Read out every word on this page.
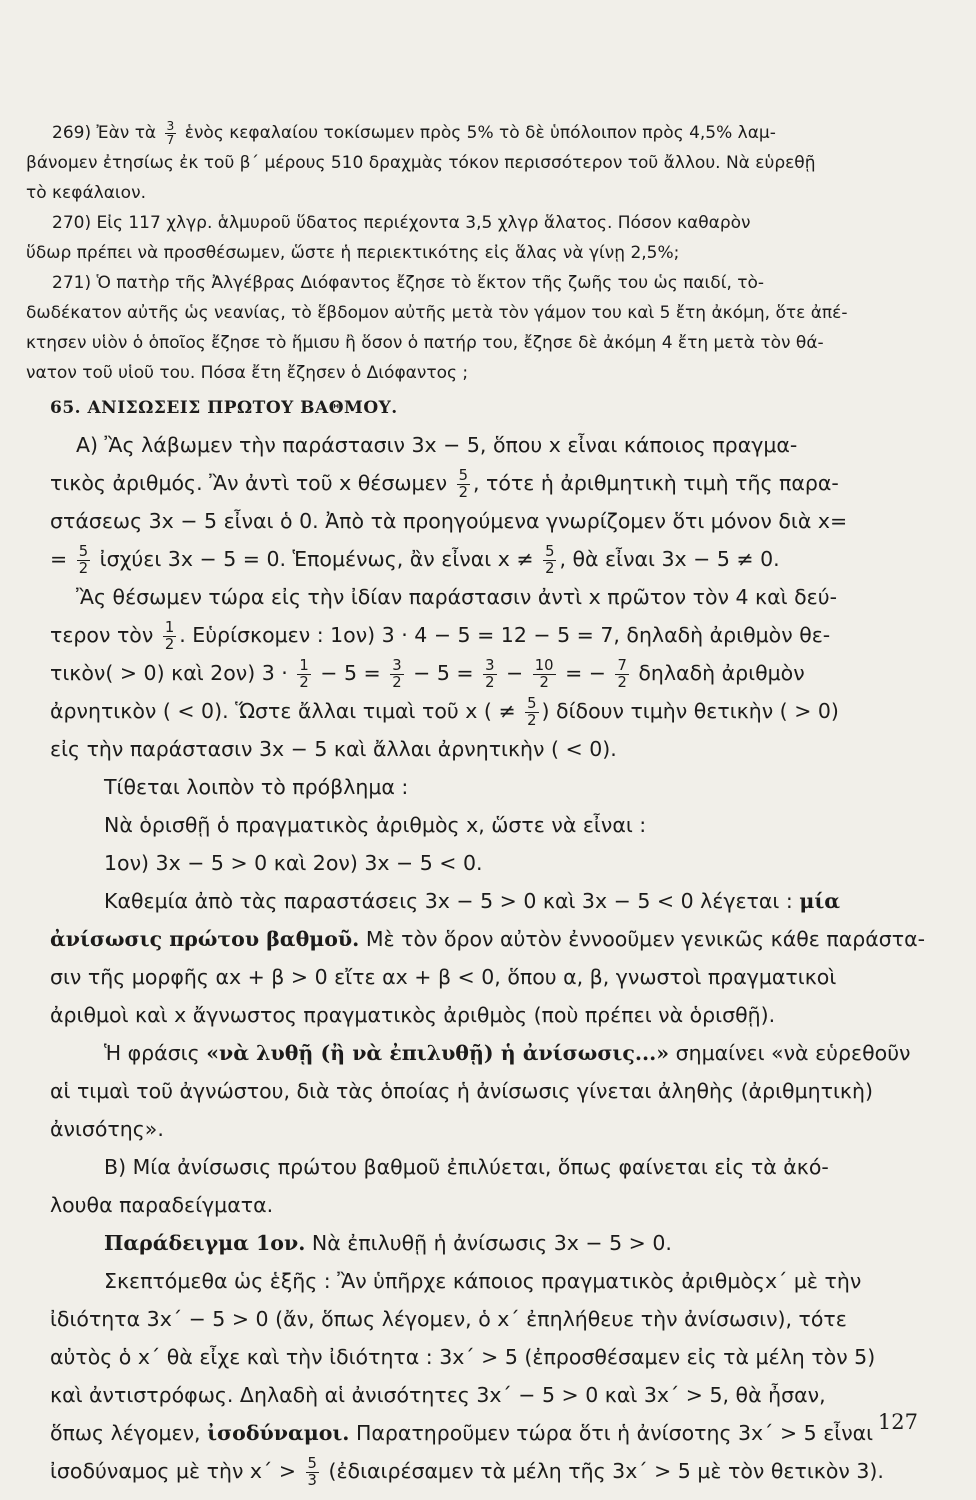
269) Ἐὰν τὰ $\frac{3}{7}$ ἑνὸς κεφαλαίου τοκίσωμεν πρὸς 5% τὸ δὲ ὑπόλοιπον πρὸς 4,5% λαμ-
βάνομεν ἐτησίως ἐκ τοῦ β΄ μέρους 510 δραχμὰς τόκον περισσότερον τοῦ ἄλλου. Νὰ εὑρεθῇ
τὸ κεφάλαιον.
270) Εἰς 117 χλγρ. ἁλμυροῦ ὕδατος περιέχοντα 3,5 χλγρ ἅλατος. Πόσον καθαρὸν
ὕδωρ πρέπει νὰ προσθέσωμεν, ὥστε ἡ περιεκτικότης εἰς ἅλας νὰ γίνῃ 2,5%;
271) Ὁ πατὴρ τῆς Ἀλγέβρας Διόφαντος ἔζησε τὸ ἕκτον τῆς ζωῆς του ὡς παιδί, τὸ-
δωδέκατον αὐτῆς ὡς νεανίας, τὸ ἕβδομον αὐτῆς μετὰ τὸν γάμον του καὶ 5 ἔτη ἀκόμη, ὅτε ἀπέ-
κτησεν υἱὸν ὁ ὁποῖος ἔζησε τὸ ἥμισυ ἢ ὅσον ὁ πατήρ του, ἔζησε δὲ ἀκόμη 4 ἔτη μετὰ τὸν θά-
νατον τοῦ υἱοῦ του. Πόσα ἔτη ἔζησεν ὁ Διόφαντος ;
65. ΑΝΙΣΩΣΕΙΣ ΠΡΩΤΟΥ ΒΑΘΜΟΥ.
Α) Ἂς λάβωμεν τὴν παράστασιν 3x − 5, ὅπου x εἶναι κάποιος πραγμα-
τικὸς ἀριθμός. Ἂν ἀντὶ τοῦ x θέσωμεν $\frac{5}{2}$ , τότε ἡ ἀριθμητικὴ τιμὴ τῆς παρα-
στάσεως 3x − 5 εἶναι ὁ 0. Ἀπὸ τὰ προηγούμενα γνωρίζομεν ὅτι μόνον διὰ x=
= $\frac{5}{2}$ ἰσχύει 3x − 5 = 0. Ἑπομένως, ἂν εἶναι $x \ne \frac{5}{2}$ , θὰ εἶναι 3x − 5 ≠ 0.
Ἂς θέσωμεν τώρα εἰς τὴν ἰδίαν παράστασιν ἀντὶ x πρῶτον τὸν 4 καὶ δεύ-
τερον τὸν $\frac{1}{2}$ . Εὑρίσκομεν : 1ον) 3 · 4 − 5 = 12 − 5 = 7, δηλαδὴ ἀριθμὸν θε-
τικὸν( > 0) καὶ 2ον) $3 \cdot \frac{1}{2} - 5 = \frac{3}{2} - 5 = \frac{3}{2} - \frac{10}{2}$ = − $\frac{7}{2}$ δηλαδὴ ἀριθμὸν
ἀρνητικὸν ( < 0). Ὥστε ἄλλαι τιμαὶ τοῦ x ( ≠ $\frac{5}{2}$ ) δίδουν τιμὴν θετικὴν ( > 0)
εἰς τὴν παράστασιν 3x − 5 καὶ ἄλλαι ἀρνητικὴν ( < 0).
Τίθεται λοιπὸν τὸ πρόβλημα :
Νὰ ὁρισθῇ ὁ πραγματικὸς ἀριθμὸς x, ὥστε νὰ εἶναι :
1ον) 3x − 5 > 0 καὶ 2ον) 3x − 5 < 0.
Καθεμία ἀπὸ τὰς παραστάσεις 3x − 5 > 0 καὶ 3x − 5 < 0 λέγεται : μία
ἀνίσωσις πρώτου βαθμοῦ. Μὲ τὸν ὅρον αὐτὸν ἐννοοῦμεν γενικῶς κάθε παράστα-
σιν τῆς μορφῆς αx + β > 0 εἴτε αx + β < 0, ὅπου α, β, γνωστοὶ πραγματικοὶ
ἀριθμοὶ καὶ x ἄγνωστος πραγματικὸς ἀριθμὸς (ποὺ πρέπει νὰ ὁρισθῇ).
Ἡ φράσις «νὰ λυθῇ (ἢ νὰ ἐπιλυθῇ) ἡ ἀνίσωσις...» σημαίνει «νὰ εὑρεθοῦν
αἱ τιμαὶ τοῦ ἀγνώστου, διὰ τὰς ὁποίας ἡ ἀνίσωσις γίνεται ἀληθὴς (ἀριθμητικὴ)
ἀνισότης».
Β) Μία ἀνίσωσις πρώτου βαθμοῦ ἐπιλύεται, ὅπως φαίνεται εἰς τὰ ἀκό-
λουθα παραδείγματα.
Παράδειγμα 1ον. Νὰ ἐπιλυθῇ ἡ ἀνίσωσις 3x − 5 > 0.
Σκεπτόμεθα ὡς ἑξῆς : Ἂν ὑπῆρχε κάποιος πραγματικὸς ἀριθμὸςx΄ μὲ τὴν
ἰδιότητα 3x΄ − 5 > 0 (ἄν, ὅπως λέγομεν, ὁ x΄ ἐπηλήθευε τὴν ἀνίσωσιν), τότε
αὐτὸς ὁ x΄ θὰ εἶχε καὶ τὴν ἰδιότητα : 3x΄ > 5 (ἐπροσθέσαμεν εἰς τὰ μέλη τὸν 5)
καὶ ἀντιστρόφως. Δηλαδὴ αἱ ἀνισότητες 3x΄ − 5 > 0 καὶ 3x΄ > 5, θὰ ἦσαν,
ὅπως λέγομεν, ἰσοδύναμοι. Παρατηροῦμεν τώρα ὅτι ἡ ἀνίσοτης 3x΄ > 5 εἶναι
ἰσοδύναμος μὲ τὴν $x΄ > \frac{5}{3}$ (ἐδιαιρέσαμεν τὰ μέλη τῆς 3x΄ > 5 μὲ τὸν θετικὸν 3).
127
